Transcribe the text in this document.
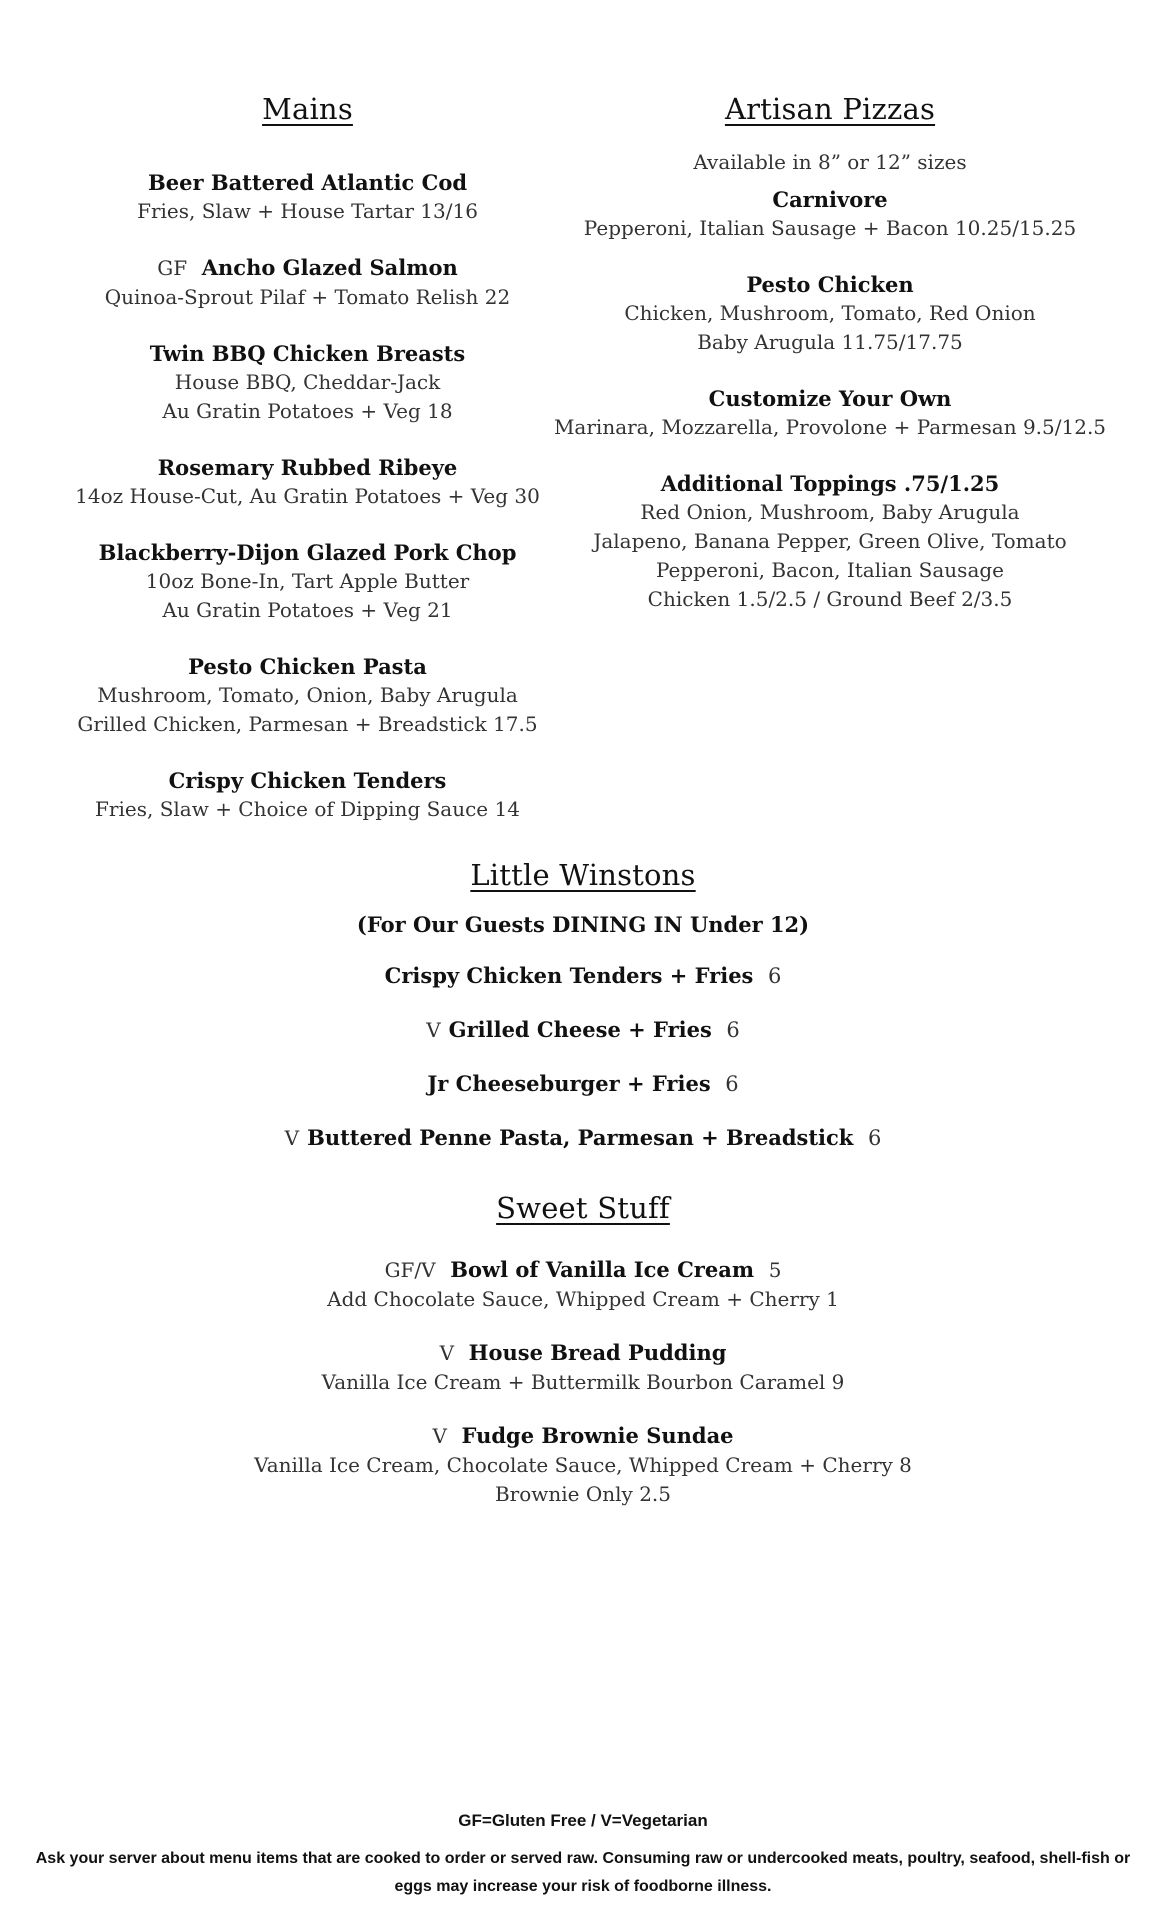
Mains
Beer Battered Atlantic Cod
Fries, Slaw + House Tartar 13/16
GF Ancho Glazed Salmon
Quinoa-Sprout Pilaf + Tomato Relish 22
Twin BBQ Chicken Breasts
House BBQ, Cheddar-Jack
Au Gratin Potatoes + Veg 18
Rosemary Rubbed Ribeye
14oz House-Cut, Au Gratin Potatoes + Veg 30
Blackberry-Dijon Glazed Pork Chop
10oz Bone-In, Tart Apple Butter
Au Gratin Potatoes + Veg 21
Pesto Chicken Pasta
Mushroom, Tomato, Onion, Baby Arugula
Grilled Chicken, Parmesan + Breadstick 17.5
Crispy Chicken Tenders
Fries, Slaw + Choice of Dipping Sauce 14
Artisan Pizzas
Available in 8” or 12” sizes
Carnivore
Pepperoni, Italian Sausage + Bacon 10.25/15.25
Pesto Chicken
Chicken, Mushroom, Tomato, Red Onion
Baby Arugula 11.75/17.75
Customize Your Own
Marinara, Mozzarella, Provolone + Parmesan 9.5/12.5
Additional Toppings .75/1.25
Red Onion, Mushroom, Baby Arugula
Jalapeno, Banana Pepper, Green Olive, Tomato
Pepperoni, Bacon, Italian Sausage
Chicken 1.5/2.5 / Ground Beef 2/3.5
Little Winstons
(For Our Guests DINING IN Under 12)
Crispy Chicken Tenders + Fries 6
V Grilled Cheese + Fries 6
Jr Cheeseburger + Fries 6
V Buttered Penne Pasta, Parmesan + Breadstick 6
Sweet Stuff
GF/V Bowl of Vanilla Ice Cream 5
Add Chocolate Sauce, Whipped Cream + Cherry 1
V House Bread Pudding
Vanilla Ice Cream + Buttermilk Bourbon Caramel 9
V Fudge Brownie Sundae
Vanilla Ice Cream, Chocolate Sauce, Whipped Cream + Cherry 8
Brownie Only 2.5
GF=Gluten Free / V=Vegetarian
Ask your server about menu items that are cooked to order or served raw. Consuming raw or undercooked meats, poultry, seafood, shell-fish or eggs may increase your risk of foodborne illness.
